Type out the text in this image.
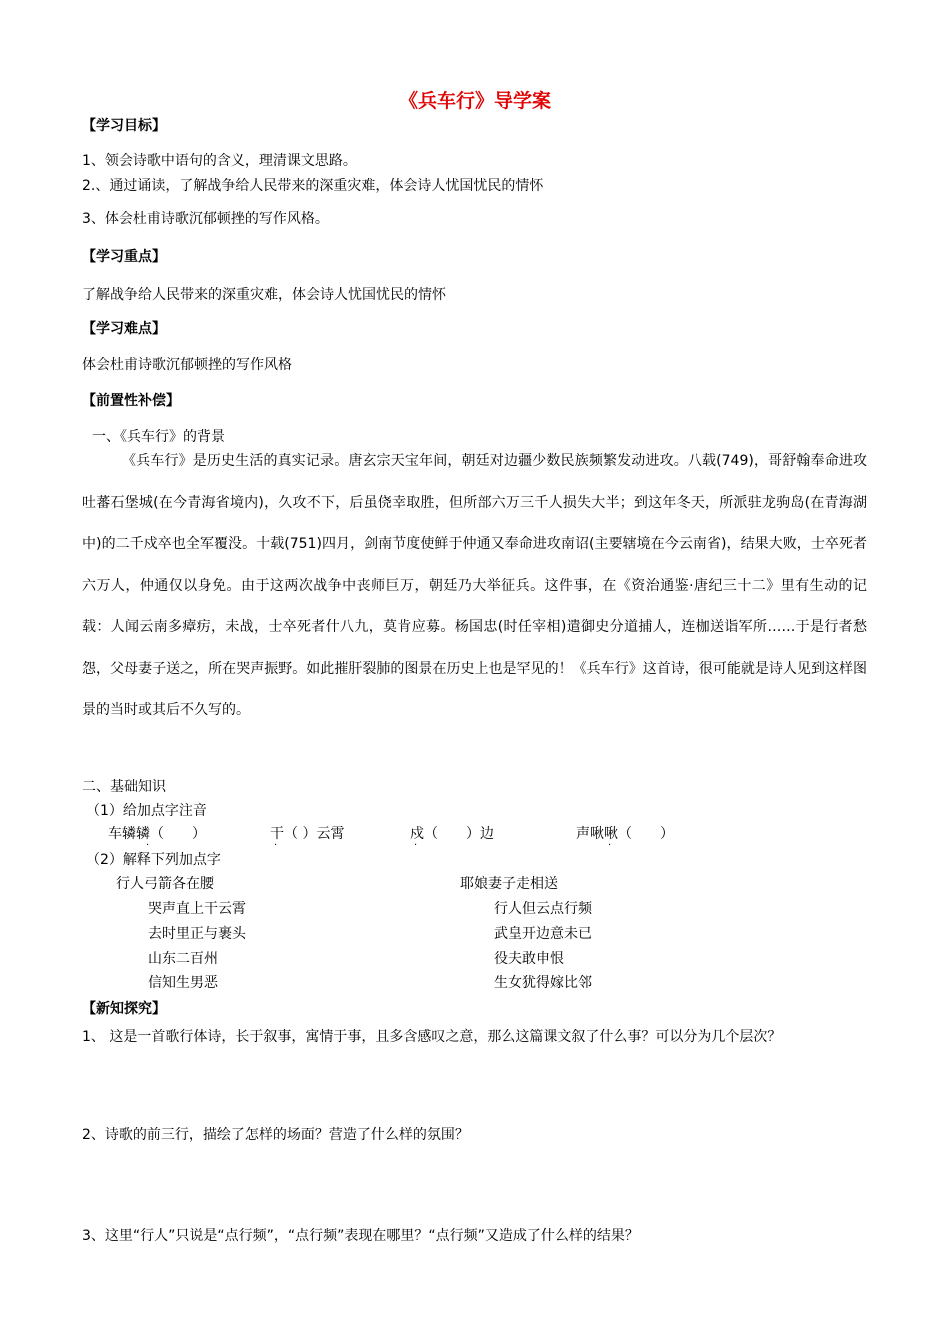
《兵车行》导学案
【学习目标】
1、领会诗歌中语句的含义，理清课文思路。
2.、通过诵读，了解战争给人民带来的深重灾难，体会诗人忧国忧民的情怀
3、体会杜甫诗歌沉郁顿挫的写作风格。
【学习重点】
了解战争给人民带来的深重灾难，体会诗人忧国忧民的情怀
【学习难点】
体会杜甫诗歌沉郁顿挫的写作风格
【前置性补偿】
一、《兵车行》的背景
《兵车行》是历史生活的真实记录。唐玄宗天宝年间，朝廷对边疆少数民族频繁发动进攻。八载(749)，哥舒翰奉命进攻吐蕃石堡城(在今青海省境内)，久攻不下，后虽侥幸取胜，但所部六万三千人损失大半；到这年冬天，所派驻龙驹岛(在青海湖中)的二千戍卒也全军覆没。十载(751)四月，剑南节度使鲜于仲通又奉命进攻南诏(主要辖境在今云南省)，结果大败，士卒死者六万人，仲通仅以身免。由于这两次战争中丧师巨万，朝廷乃大举征兵。这件事，在《资治通鉴·唐纪三十二》里有生动的记载：人闻云南多瘴疠，未战，士卒死者什八九，莫肯应募。杨国忠(时任宰相)遣御史分道捕人，连枷送诣军所……于是行者愁怨，父母妻子送之，所在哭声振野。如此摧肝裂肺的图景在历史上也是罕见的！《兵车行》这首诗，很可能就是诗人见到这样图景的当时或其后不久写的。
二、基础知识
（1）给加点字注音
车辚辚（　　）	干（ ）云霄	戍（　　）边	声啾啾（　　）
·	·	·	·
（2）解释下列加点字
行人弓箭各在腰
哭声直上干云霄
去时里正与裹头
山东二百州
信知生男恶
耶娘妻子走相送
行人但云点行频
武皇开边意未已
役夫敢申恨
生女犹得嫁比邻
【新知探究】
1、 这是一首歌行体诗，长于叙事，寓情于事，且多含感叹之意，那么这篇课文叙了什么事？可以分为几个层次？
2、诗歌的前三行，描绘了怎样的场面？营造了什么样的氛围？
3、这里“行人”只说是“点行频”，“点行频”表现在哪里？“点行频”又造成了什么样的结果？
